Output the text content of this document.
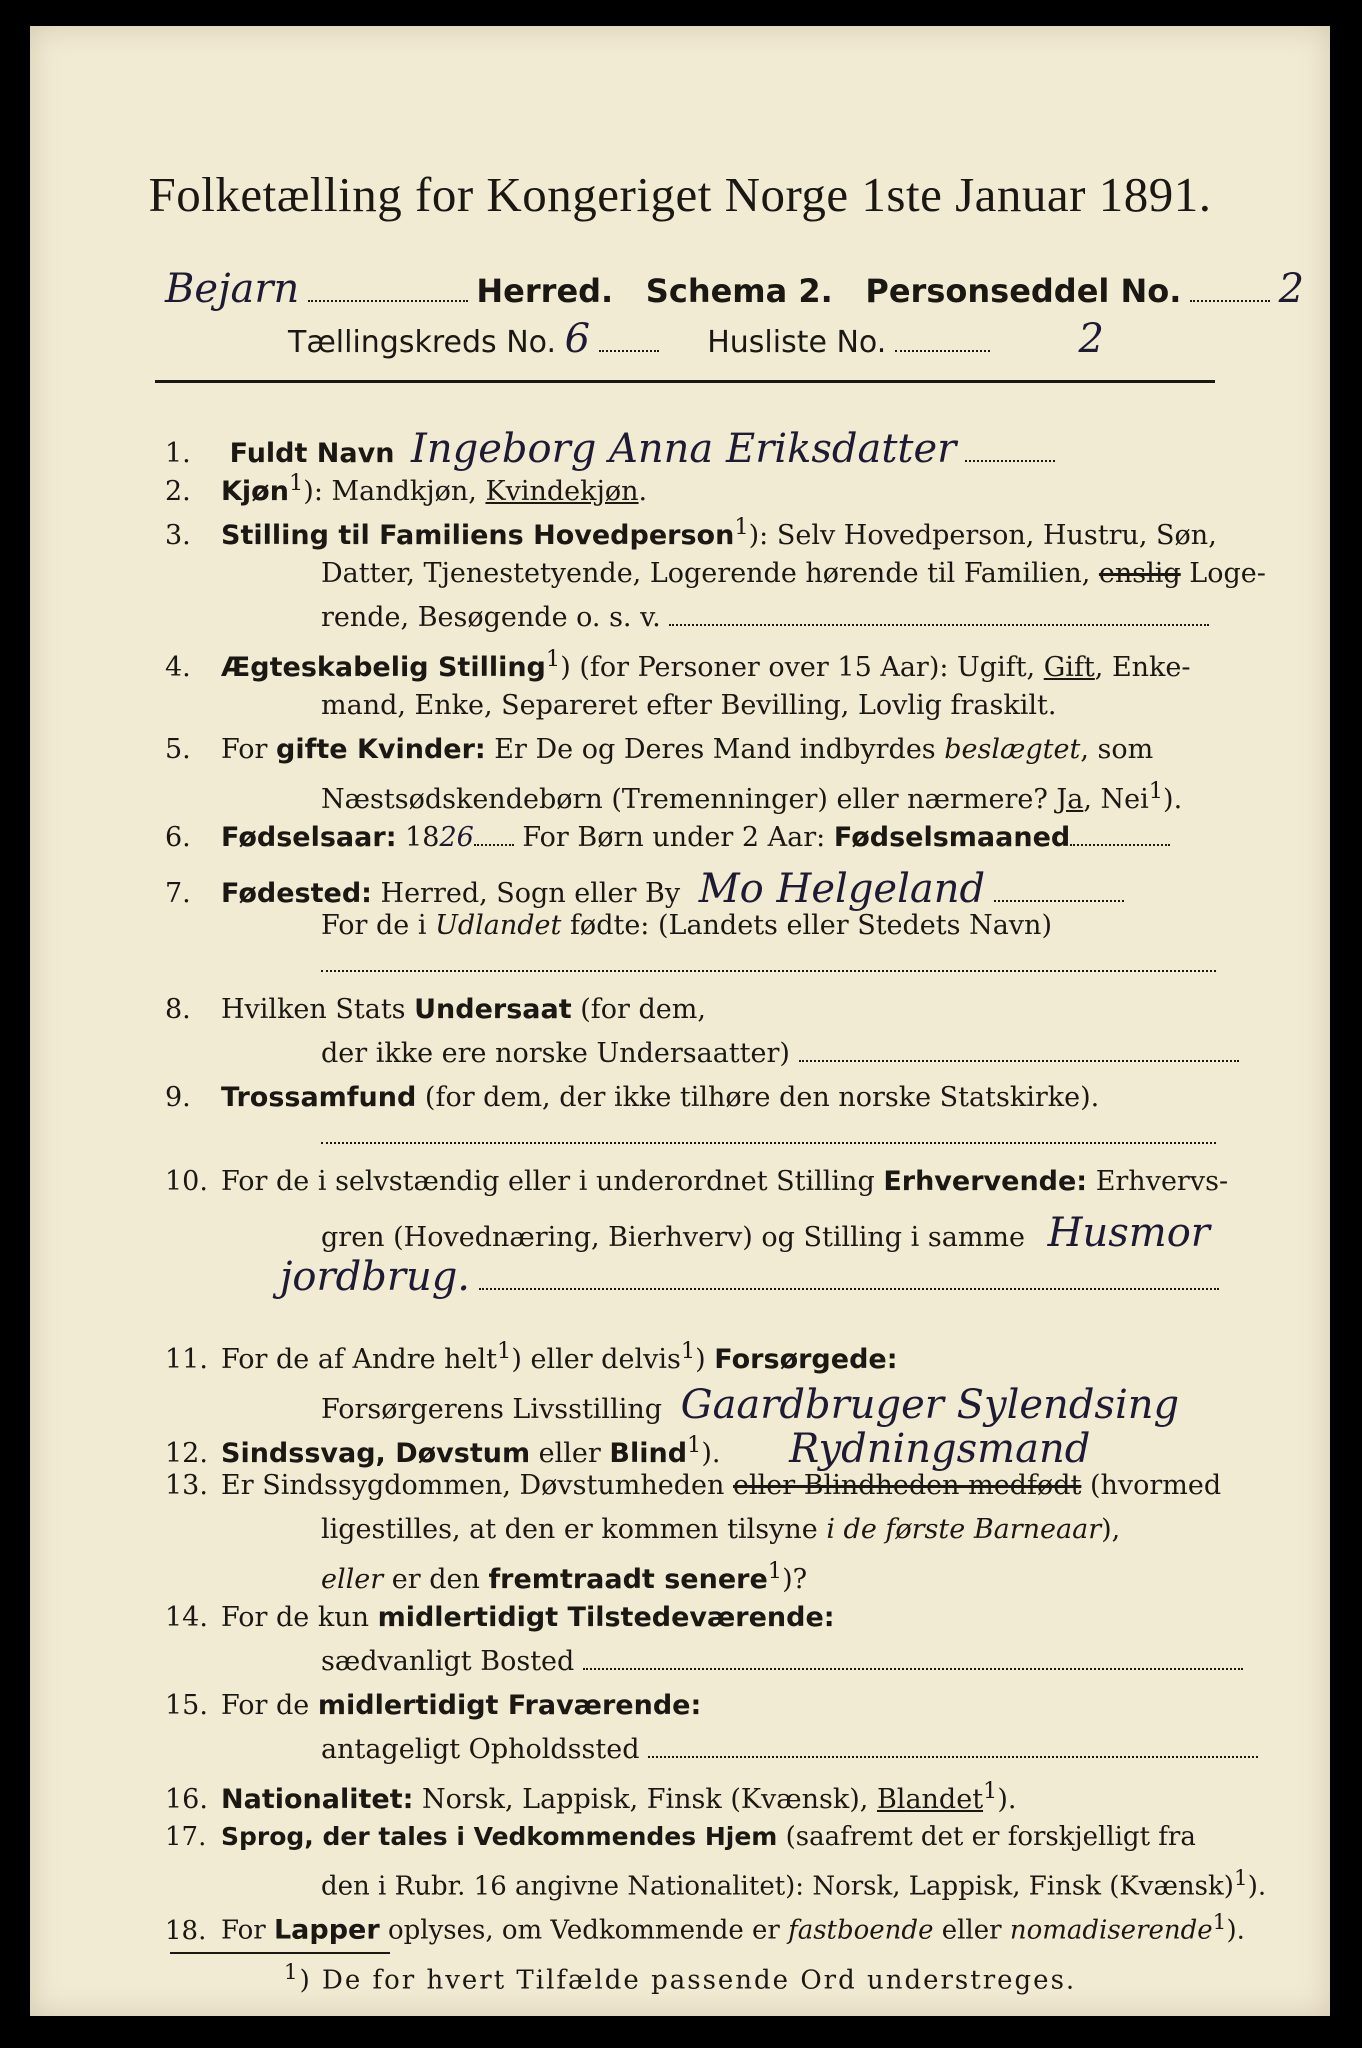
Folketælling for Kongeriget Norge 1ste Januar 1891.
Bejarn	Herred. Schema 2. Personseddel No. 2
Tællingskreds No. 6	Husliste No.	2
1. Fuldt Navn Ingeborg Anna Eriksdatter
2. Kjøn$^1$): Mandkjøn, Kvindekjøn.
3. Stilling til Familiens Hovedperson$^1$): Selv Hovedperson, Hustru, Søn,
Datter, Tjenestetyende, Logerende hørende til Familien, enslig Loge-
rende, Besøgende o. s. v.
4. Ægteskabelig Stilling$^1$) (for Personer over 15 Aar): Ugift, Gift, Enke-
mand, Enke, Separeret efter Bevilling, Lovlig fraskilt.
5. For gifte Kvinder: Er De og Deres Mand indbyrdes beslægtet, som
Næstsødskendebørn (Tremenninger) eller nærmere? Ja, Nei$^1$).
6. Fødselsaar: 1826 For Børn under 2 Aar: Fødselsmaaned
7. Fødested: Herred, Sogn eller By Mo Helgeland
For de i Udlandet fødte: (Landets eller Stedets Navn)
8. Hvilken Stats Undersaat (for dem,
der ikke ere norske Undersaatter)
9. Trossamfund (for dem, der ikke tilhøre den norske Statskirke).
10. For de i selvstændig eller i underordnet Stilling Erhvervende: Erhvervs-
gren (Hovednæring, Bierhverv) og Stilling i samme Husmor
jordbrug.
11. For de af Andre helt$^1$) eller delvis$^1$) Forsørgede:
Forsørgerens Livsstilling Gaardbruger Sylendsing
12. Sindssvag, Døvstum eller Blind$^1$). Rydningsmand
13. Er Sindssygdommen, Døvstumheden eller Blindheden medfødt (hvormed
ligestilles, at den er kommen tilsyne i de første Barneaar),
eller er den fremtraadt senere$^1$)?
14. For de kun midlertidigt Tilstedeværende:
sædvanligt Bosted
15. For de midlertidigt Fraværende:
antageligt Opholdssted
16. Nationalitet: Norsk, Lappisk, Finsk (Kvænsk), Blandet$^1$).
17. Sprog, der tales i Vedkommendes Hjem (saafremt det er forskjelligt fra
den i Rubr. 16 angivne Nationalitet): Norsk, Lappisk, Finsk (Kvænsk)$^1$).
18. For Lapper oplyses, om Vedkommende er fastboende eller nomadiserende$^1$).
$^1$) De for hvert Tilfælde passende Ord understreges.
